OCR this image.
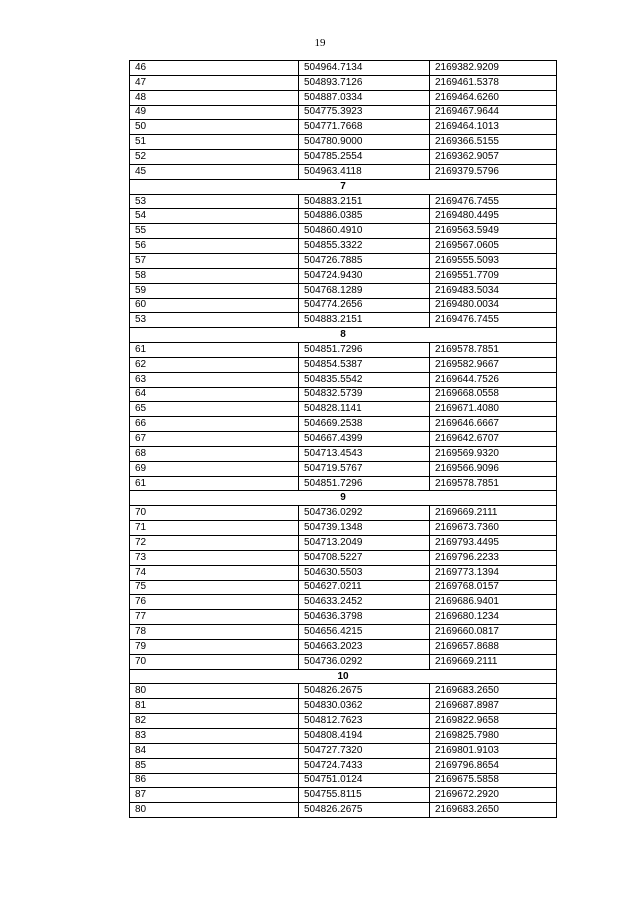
19
46	504964.7134	2169382.9209
47	504893.7126	2169461.5378
48	504887.0334	2169464.6260
49	504775.3923	2169467.9644
50	504771.7668	2169464.1013
51	504780.9000	2169366.5155
52	504785.2554	2169362.9057
45	504963.4118	2169379.5796
7		
53	504883.2151	2169476.7455
54	504886.0385	2169480.4495
55	504860.4910	2169563.5949
56	504855.3322	2169567.0605
57	504726.7885	2169555.5093
58	504724.9430	2169551.7709
59	504768.1289	2169483.5034
60	504774.2656	2169480.0034
53	504883.2151	2169476.7455
8		
61	504851.7296	2169578.7851
62	504854.5387	2169582.9667
63	504835.5542	2169644.7526
64	504832.5739	2169668.0558
65	504828.1141	2169671.4080
66	504669.2538	2169646.6667
67	504667.4399	2169642.6707
68	504713.4543	2169569.9320
69	504719.5767	2169566.9096
61	504851.7296	2169578.7851
9		
70	504736.0292	2169669.2111
71	504739.1348	2169673.7360
72	504713.2049	2169793.4495
73	504708.5227	2169796.2233
74	504630.5503	2169773.1394
75	504627.0211	2169768.0157
76	504633.2452	2169686.9401
77	504636.3798	2169680.1234
78	504656.4215	2169660.0817
79	504663.2023	2169657.8688
70	504736.0292	2169669.2111
10		
80	504826.2675	2169683.2650
81	504830.0362	2169687.8987
82	504812.7623	2169822.9658
83	504808.4194	2169825.7980
84	504727.7320	2169801.9103
85	504724.7433	2169796.8654
86	504751.0124	2169675.5858
87	504755.8115	2169672.2920
80	504826.2675	2169683.2650
